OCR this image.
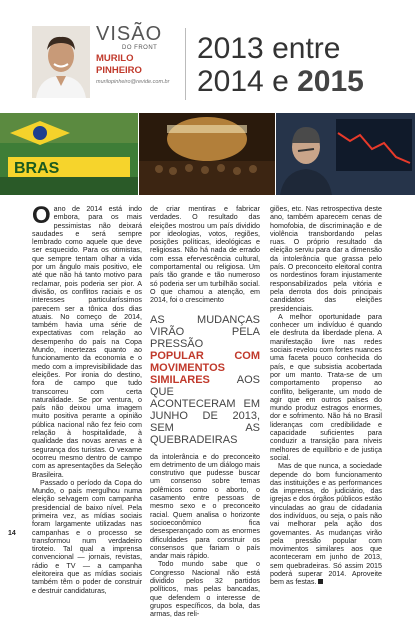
VISÃO
DO FRONT
MURILO
PINHEIRO
murilopinheiro@revide.com.br
2013 entre
2014 e 2015
BRAS

Oano de 2014 está indo embora, para os mais pessimistas não deixará saudades e será sempre lembrado como aquele que deve ser esquecido. Para os otimistas, que sempre tentam olhar a vida por um ângulo mais positivo, ele até que não há tanto motivo para reclamar, pois poderia ser pior. A divisão, os conflitos raciais e os interesses particularíssimos parecem ser a tônica dos dias atuais. No começo de 2014, também havia uma série de expectativas com relação ao desempenho do país na Copa Mundo, incertezas quanto ao funcionamento da economia e o medo com a imprevisibilidade das eleições. Por ironia do destino, fora de campo que tudo transcorreu com certa naturalidade. Se por ventura, o país não deixou uma imagem muito positiva perante a opinião pública nacional não fez feio com relação à hospitalidade, à qualidade das novas arenas e à segurança dos turistas. O vexame ocorreu mesmo dentro de campo com as apresentações da Seleção Brasileira.

Passado o período da Copa do Mundo, o país mergulhou numa eleição selvagem com campanha presidencial de baixo nível. Pela primeira vez, as mídias sociais foram largamente utilizadas nas campanhas e o processo se transformou num verdadeiro tiroteio. Tal qual a imprensa convencional — jornais, revistas, rádio e TV — a campanha eleitoreira que as mídias sociais também têm o poder de construir e destruir candidaturas,

de criar mentiras e fabricar verdades. O resultado das eleições mostrou um país dividido por ideologias, votos, regiões, posições políticas, ideológicas e religiosas. Não há nada de errado com essa efervescência cultural, comportamental ou religiosa. Um país tão grande e tão numeroso só poderia ser um turbilhão social. O que chamou a atenção, em 2014, foi o crescimento

AS MUDANÇAS VIRÃO PELA PRESSÃO POPULAR COM MOVIMENTOS SIMILARES AOS QUE ACONTECERAM EM JUNHO DE 2013, SEM AS QUEBRADEIRAS

da intolerância e do preconceito em detrimento de um diálogo mais construtivo que pudesse buscar um consenso sobre temas polêmicos como o aborto, o casamento entre pessoas de mesmo sexo e o preconceito racial. Quem analisa o horizonte socioeconômico fica desesperançado com as enormes dificuldades para construir os consensos que fariam o país andar mais rápido.

Todo mundo sabe que o Congresso Nacional não está dividido pelos 32 partidos políticos, mas pelas bancadas, que defendem o interesse de grupos específicos, da bola, das armas, das reli-

giões, etc. Nas retrospectiva deste ano, também aparecem cenas de homofobia, de discriminação e de violência transbordando pelas ruas. O próprio resultado da eleição serviu para dar a dimensão da intolerância que grassa pelo país. O preconceito eleitoral contra os nordestinos foram injustamente responsabilizados pela vitória e pela derrota dos dois principais candidatos das eleições presidenciais.

A melhor oportunidade para conhecer um indivíduo é quando ele desfruta da liberdade plena. A manifestação livre nas redes sociais revelou com fortes nuances uma faceta pouco conhecida do país, e que subsistia acobertada por um manto. Trata-se de um comportamento propenso ao conflito, beligerante, um modo de agir que em outros países do mundo produz estragos enormes, dor e sofrimento. Não há no Brasil lideranças com credibilidade e capacidade suficientes para conduzir a transição para níveis melhores de equilíbrio e de justiça social.

Mas de que nunca, a sociedade depende do bom funcionamento das instituições e as performances da imprensa, do judiciário, das igrejas e dos órgãos públicos estão vinculadas ao grau de cidadania dos indivíduos, ou seja, o país não vai melhorar pela ação dos governantes. As mudanças virão pela pressão popular com movimentos similares aos que aconteceram em junho de 2013, sem quebradeiras. Só assim 2015 poderá superar 2014. Aproveite bem as festas.

14
